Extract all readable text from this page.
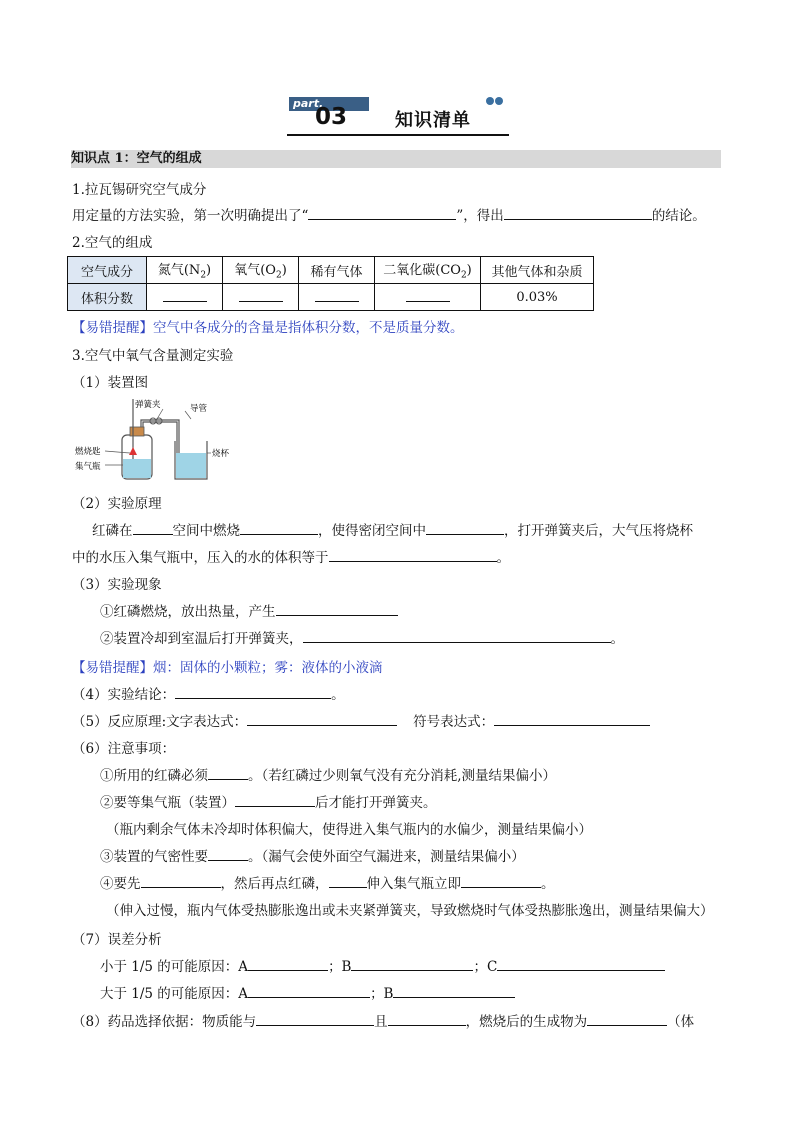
part.
03	知识清单
知识点 1：空气的组成
1.拉瓦锡研究空气成分
用定量的方法实验，第一次明确提出了“	”，得出	的结论。
2.空气的组成
空气成分	氮气$(N_2)$	氧气$(O_2)$	稀有气体	二氧化碳$(CO_2)$	其他气体和杂质
体积分数					0.03%
【易错提醒】空气中各成分的含量是指体积分数，不是质量分数。
3.空气中氧气含量测定实验
（1）装置图
弹簧夹	导管
燃烧匙
集气瓶
烧杯
（2）实验原理
红磷在	空间中燃烧	，使得密闭空间中	，打开弹簧夹后，大气压将烧杯
中的水压入集气瓶中，压入的水的体积等于	。
（3）实验现象
①红磷燃烧，放出热量，产生
②装置冷却到室温后打开弹簧夹，	。
【易错提醒】烟：固体的小颗粒；雾：液体的小液滴
（4）实验结论：	。
（5）反应原理:文字表达式：	符号表达式：
（6）注意事项：
①所用的红磷必须	。（若红磷过少则氧气没有充分消耗,测量结果偏小）
②要等集气瓶（装置）	后才能打开弹簧夹。
（瓶内剩余气体未冷却时体积偏大，使得进入集气瓶内的水偏少，测量结果偏小）
③装置的气密性要	。（漏气会使外面空气漏进来，测量结果偏小）
④要先	，然后再点红磷，	伸入集气瓶立即	。
（伸入过慢，瓶内气体受热膨胀逸出或未夹紧弹簧夹，导致燃烧时气体受热膨胀逸出，测量结果偏大）
（7）误差分析
小于 1/5 的可能原因：A	；B	；C
大于 1/5 的可能原因：A	；B
（8）药品选择依据：物质能与	且	，燃烧后的生成物为	（体
